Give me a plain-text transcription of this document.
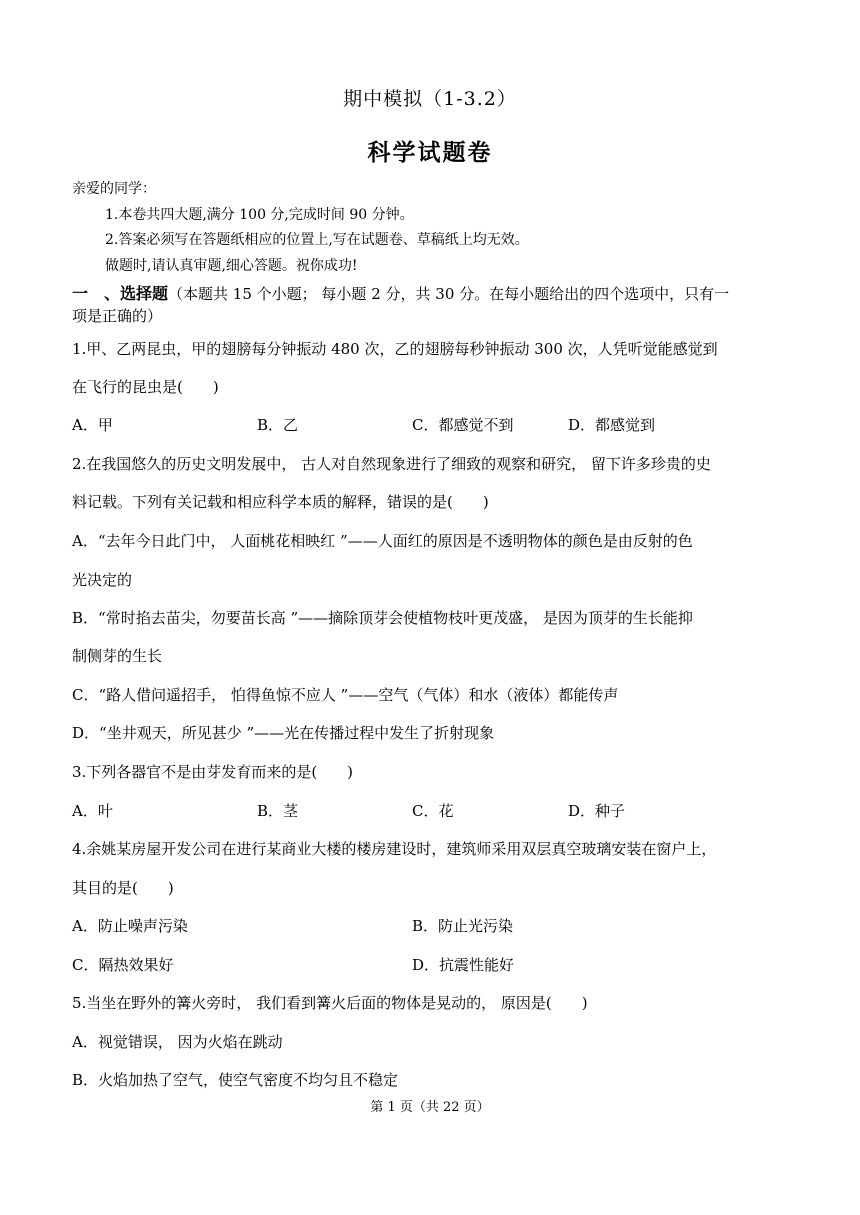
期中模拟（1-3.2）
科学试题卷
亲爱的同学：
1.本卷共四大题,满分 100 分,完成时间 90 分钟。
2.答案必须写在答题纸相应的位置上,写在试题卷、草稿纸上均无效。
做题时,请认真审题,细心答题。祝你成功!
一　、选择题（本题共 15 个小题； 每小题 2 分，共 30 分。在每小题给出的四个选项中，只有一
项是正确的）
1.甲、乙两昆虫，甲的翅膀每分钟振动 480 次，乙的翅膀每秒钟振动 300 次，人凭听觉能感觉到
在飞行的昆虫是(　　)
A．甲	B．乙	C．都感觉不到	D．都感觉到
2.在我国悠久的历史文明发展中， 古人对自然现象进行了细致的观察和研究， 留下许多珍贵的史
料记载。下列有关记载和相应科学本质的解释，错误的是(　　)
A．“去年今日此门中， 人面桃花相映红 ”——人面红的原因是不透明物体的颜色是由反射的色
光决定的
B．“常时掐去苗尖，勿要苗长高 ”——摘除顶芽会使植物枝叶更茂盛， 是因为顶芽的生长能抑
制侧芽的生长
C．“路人借问遥招手， 怕得鱼惊不应人 ”——空气（气体）和水（液体）都能传声
D．“坐井观天，所见甚少 ”——光在传播过程中发生了折射现象
3.下列各器官不是由芽发育而来的是(　　)
A．叶	B．茎	C．花	D．种子
4.余姚某房屋开发公司在进行某商业大楼的楼房建设时，建筑师采用双层真空玻璃安装在窗户上，
其目的是(　　)
A．防止噪声污染	B．防止光污染
C．隔热效果好	D．抗震性能好
5.当坐在野外的篝火旁时， 我们看到篝火后面的物体是晃动的， 原因是(　　)
A．视觉错误， 因为火焰在跳动
B．火焰加热了空气，使空气密度不均匀且不稳定
第 1 页（共 22 页）
